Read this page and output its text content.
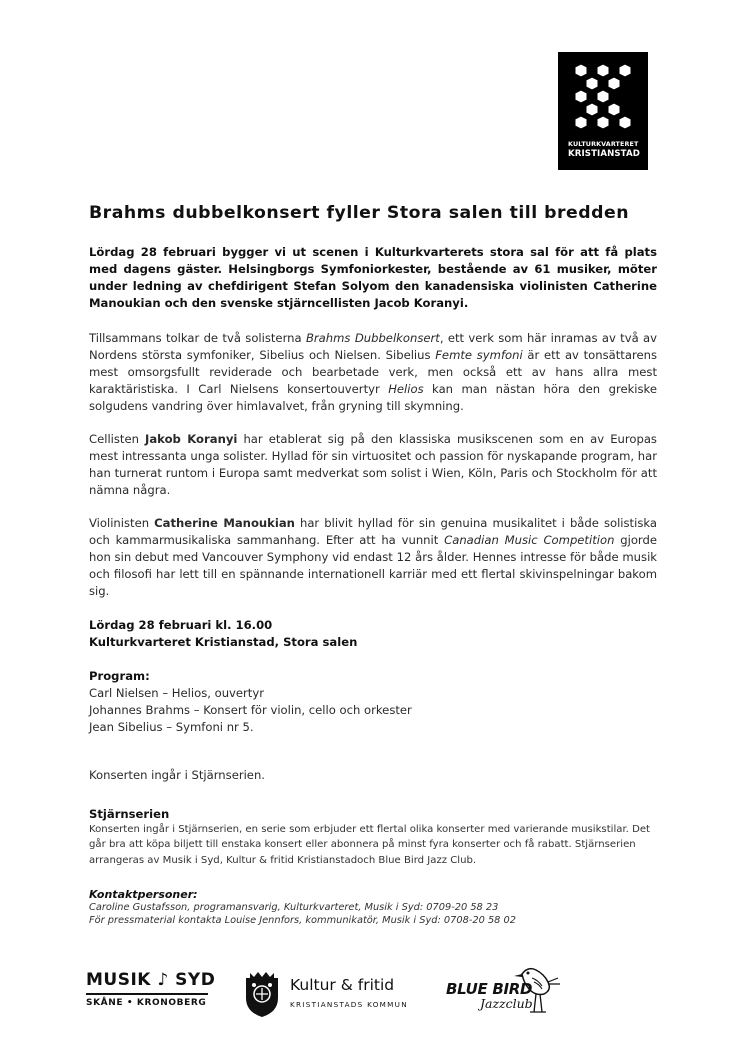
KULTURKVARTERET
KRISTIANSTAD
Brahms dubbelkonsert fyller Stora salen till bredden
Lördag 28 februari bygger vi ut scenen i Kulturkvarterets stora sal för att få plats med dagens gäster. Helsingborgs Symfoniorkester, bestående av 61 musiker, möter under ledning av chefdirigent Stefan Solyom den kanadensiska violinisten Catherine Manoukian och den svenske stjärncellisten Jacob Koranyi.
Tillsammans tolkar de två solisterna Brahms Dubbelkonsert, ett verk som här inramas av två av Nordens största symfoniker, Sibelius och Nielsen. Sibelius Femte symfoni är ett av tonsättarens mest omsorgsfullt reviderade och bearbetade verk, men också ett av hans allra mest karaktäristiska. I Carl Nielsens konsertouvertyr Helios kan man nästan höra den grekiske solgudens vandring över himlavalvet, från gryning till skymning.
Cellisten Jakob Koranyi har etablerat sig på den klassiska musikscenen som en av Europas mest intressanta unga solister. Hyllad för sin virtuositet och passion för nyskapande program, har han turnerat runtom i Europa samt medverkat som solist i Wien, Köln, Paris och Stockholm för att nämna några.
Violinisten Catherine Manoukian har blivit hyllad för sin genuina musikalitet i både solistiska och kammarmusikaliska sammanhang. Efter att ha vunnit Canadian Music Competition gjorde hon sin debut med Vancouver Symphony vid endast 12 års ålder. Hennes intresse för både musik och filosofi har lett till en spännande internationell karriär med ett flertal skivinspelningar bakom sig.
Lördag 28 februari kl. 16.00
Kulturkvarteret Kristianstad, Stora salen
Program:
Carl Nielsen – Helios, ouvertyr
Johannes Brahms – Konsert för violin, cello och orkester
Jean Sibelius – Symfoni nr 5.
Konserten ingår i Stjärnserien.
Stjärnserien
Konserten ingår i Stjärnserien, en serie som erbjuder ett flertal olika konserter med varierande musikstilar. Det går bra att köpa biljett till enstaka konsert eller abonnera på minst fyra konserter och få rabatt. Stjärnserien arrangeras av Musik i Syd, Kultur & fritid Kristianstadoch Blue Bird Jazz Club.
Kontaktpersoner:
Caroline Gustafsson, programansvarig, Kulturkvarteret, Musik i Syd: 0709-20 58 23
För pressmaterial kontakta Louise Jennfors, kommunikatör, Musik i Syd: 0708-20 58 02
MUSIK ♪ SYD
SKÅNE • KRONOBERG
Kultur & fritid
KRISTIANSTADS KOMMUN
BLUE BIRD
Jazzclub
